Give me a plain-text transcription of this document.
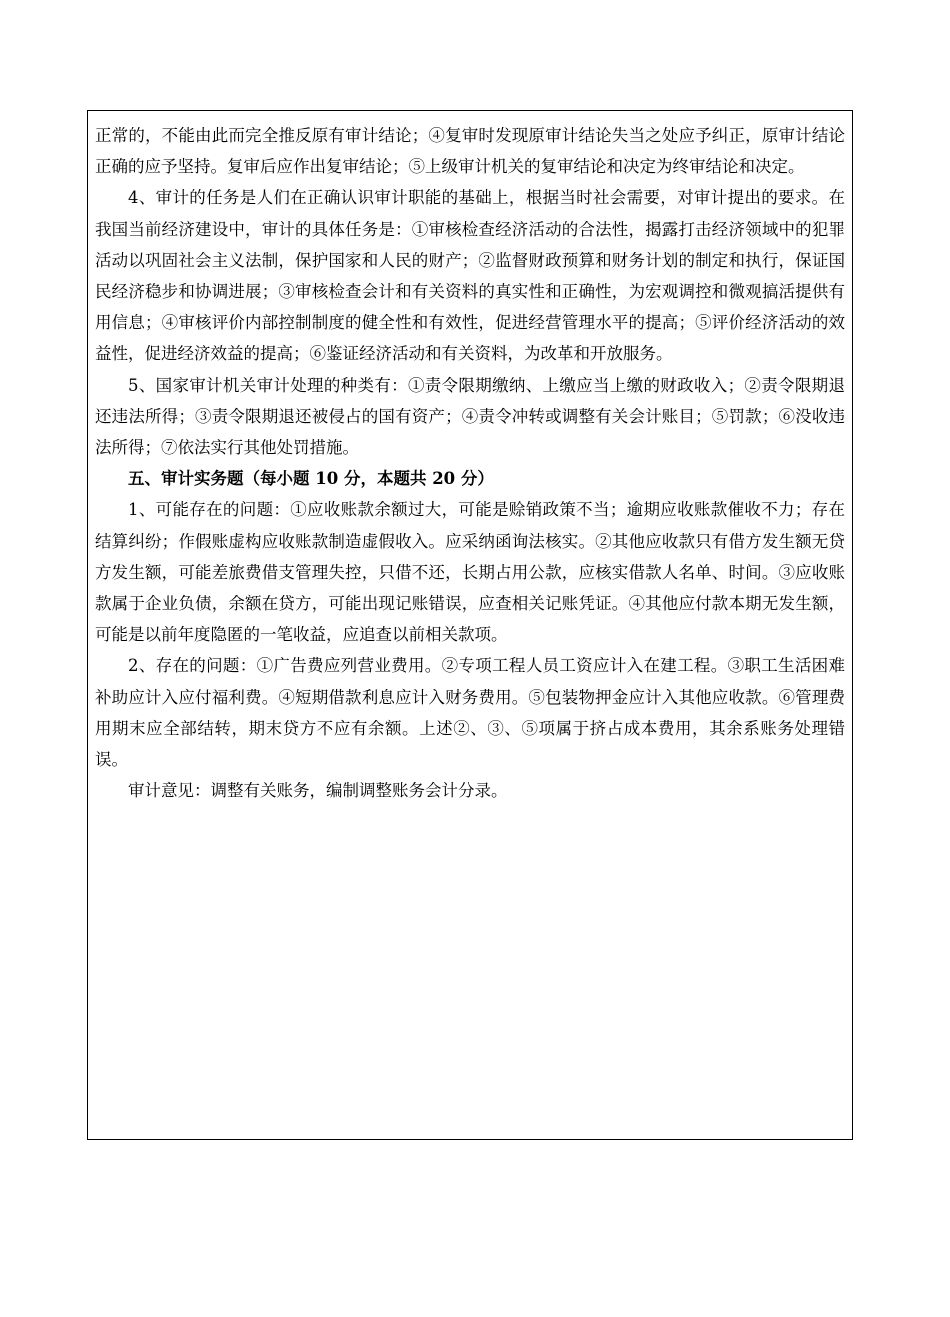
正常的，不能由此而完全推反原有审计结论；④复审时发现原审计结论失当之处应予纠正，原审计结论正确的应予坚持。复审后应作出复审结论；⑤上级审计机关的复审结论和决定为终审结论和决定。

4、审计的任务是人们在正确认识审计职能的基础上，根据当时社会需要，对审计提出的要求。在我国当前经济建设中，审计的具体任务是：①审核检查经济活动的合法性，揭露打击经济领域中的犯罪活动以巩固社会主义法制，保护国家和人民的财产；②监督财政预算和财务计划的制定和执行，保证国民经济稳步和协调进展；③审核检查会计和有关资料的真实性和正确性，为宏观调控和微观搞活提供有用信息；④审核评价内部控制制度的健全性和有效性，促进经营管理水平的提高；⑤评价经济活动的效益性，促进经济效益的提高；⑥鉴证经济活动和有关资料，为改革和开放服务。

5、国家审计机关审计处理的种类有：①责令限期缴纳、上缴应当上缴的财政收入；②责令限期退还违法所得；③责令限期退还被侵占的国有资产；④责令冲转或调整有关会计账目；⑤罚款；⑥没收违法所得；⑦依法实行其他处罚措施。

五、审计实务题（每小题 10 分，本题共 20 分）

1、可能存在的问题：①应收账款余额过大，可能是赊销政策不当；逾期应收账款催收不力；存在结算纠纷；作假账虚构应收账款制造虚假收入。应采纳函询法核实。②其他应收款只有借方发生额无贷方发生额，可能差旅费借支管理失控，只借不还，长期占用公款，应核实借款人名单、时间。③应收账款属于企业负债，余额在贷方，可能出现记账错误，应查相关记账凭证。④其他应付款本期无发生额，可能是以前年度隐匿的一笔收益，应追查以前相关款项。

2、存在的问题：①广告费应列营业费用。②专项工程人员工资应计入在建工程。③职工生活困难补助应计入应付福利费。④短期借款利息应计入财务费用。⑤包装物押金应计入其他应收款。⑥管理费用期末应全部结转，期末贷方不应有余额。上述②、③、⑤项属于挤占成本费用，其余系账务处理错误。

审计意见：调整有关账务，编制调整账务会计分录。
